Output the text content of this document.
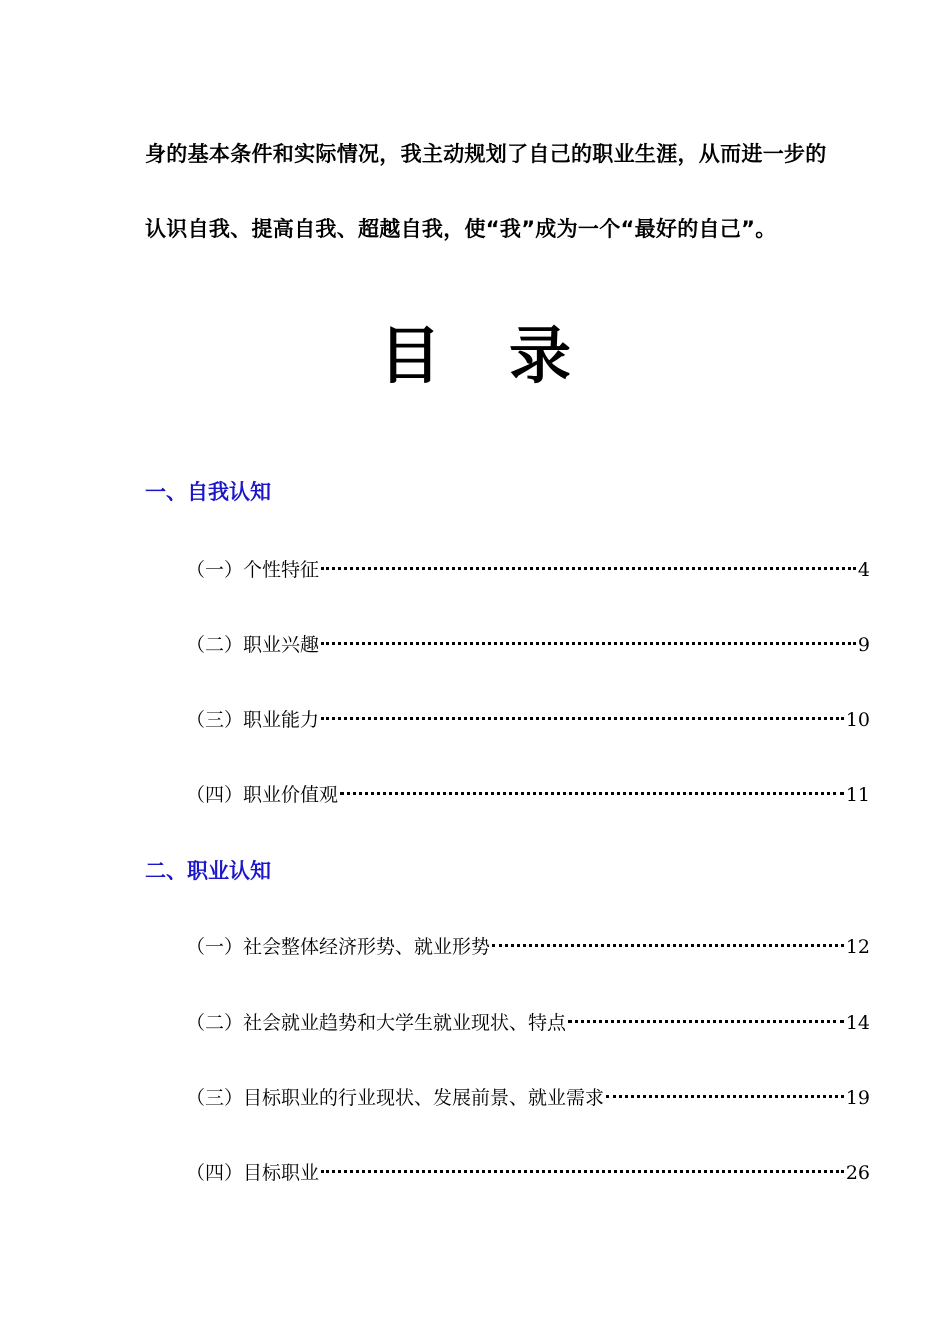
身的基本条件和实际情况，我主动规划了自己的职业生涯，从而进一步的
认识自我、提高自我、超越自我，使“我”成为一个“最好的自己”。
目 录
一、自我认知
（一）个性特征	4
（二）职业兴趣	9
（三）职业能力	10
（四）职业价值观	11
二、职业认知
（一）社会整体经济形势、就业形势	12
（二）社会就业趋势和大学生就业现状、特点	14
（三）目标职业的行业现状、发展前景、就业需求	19
（四）目标职业	26
